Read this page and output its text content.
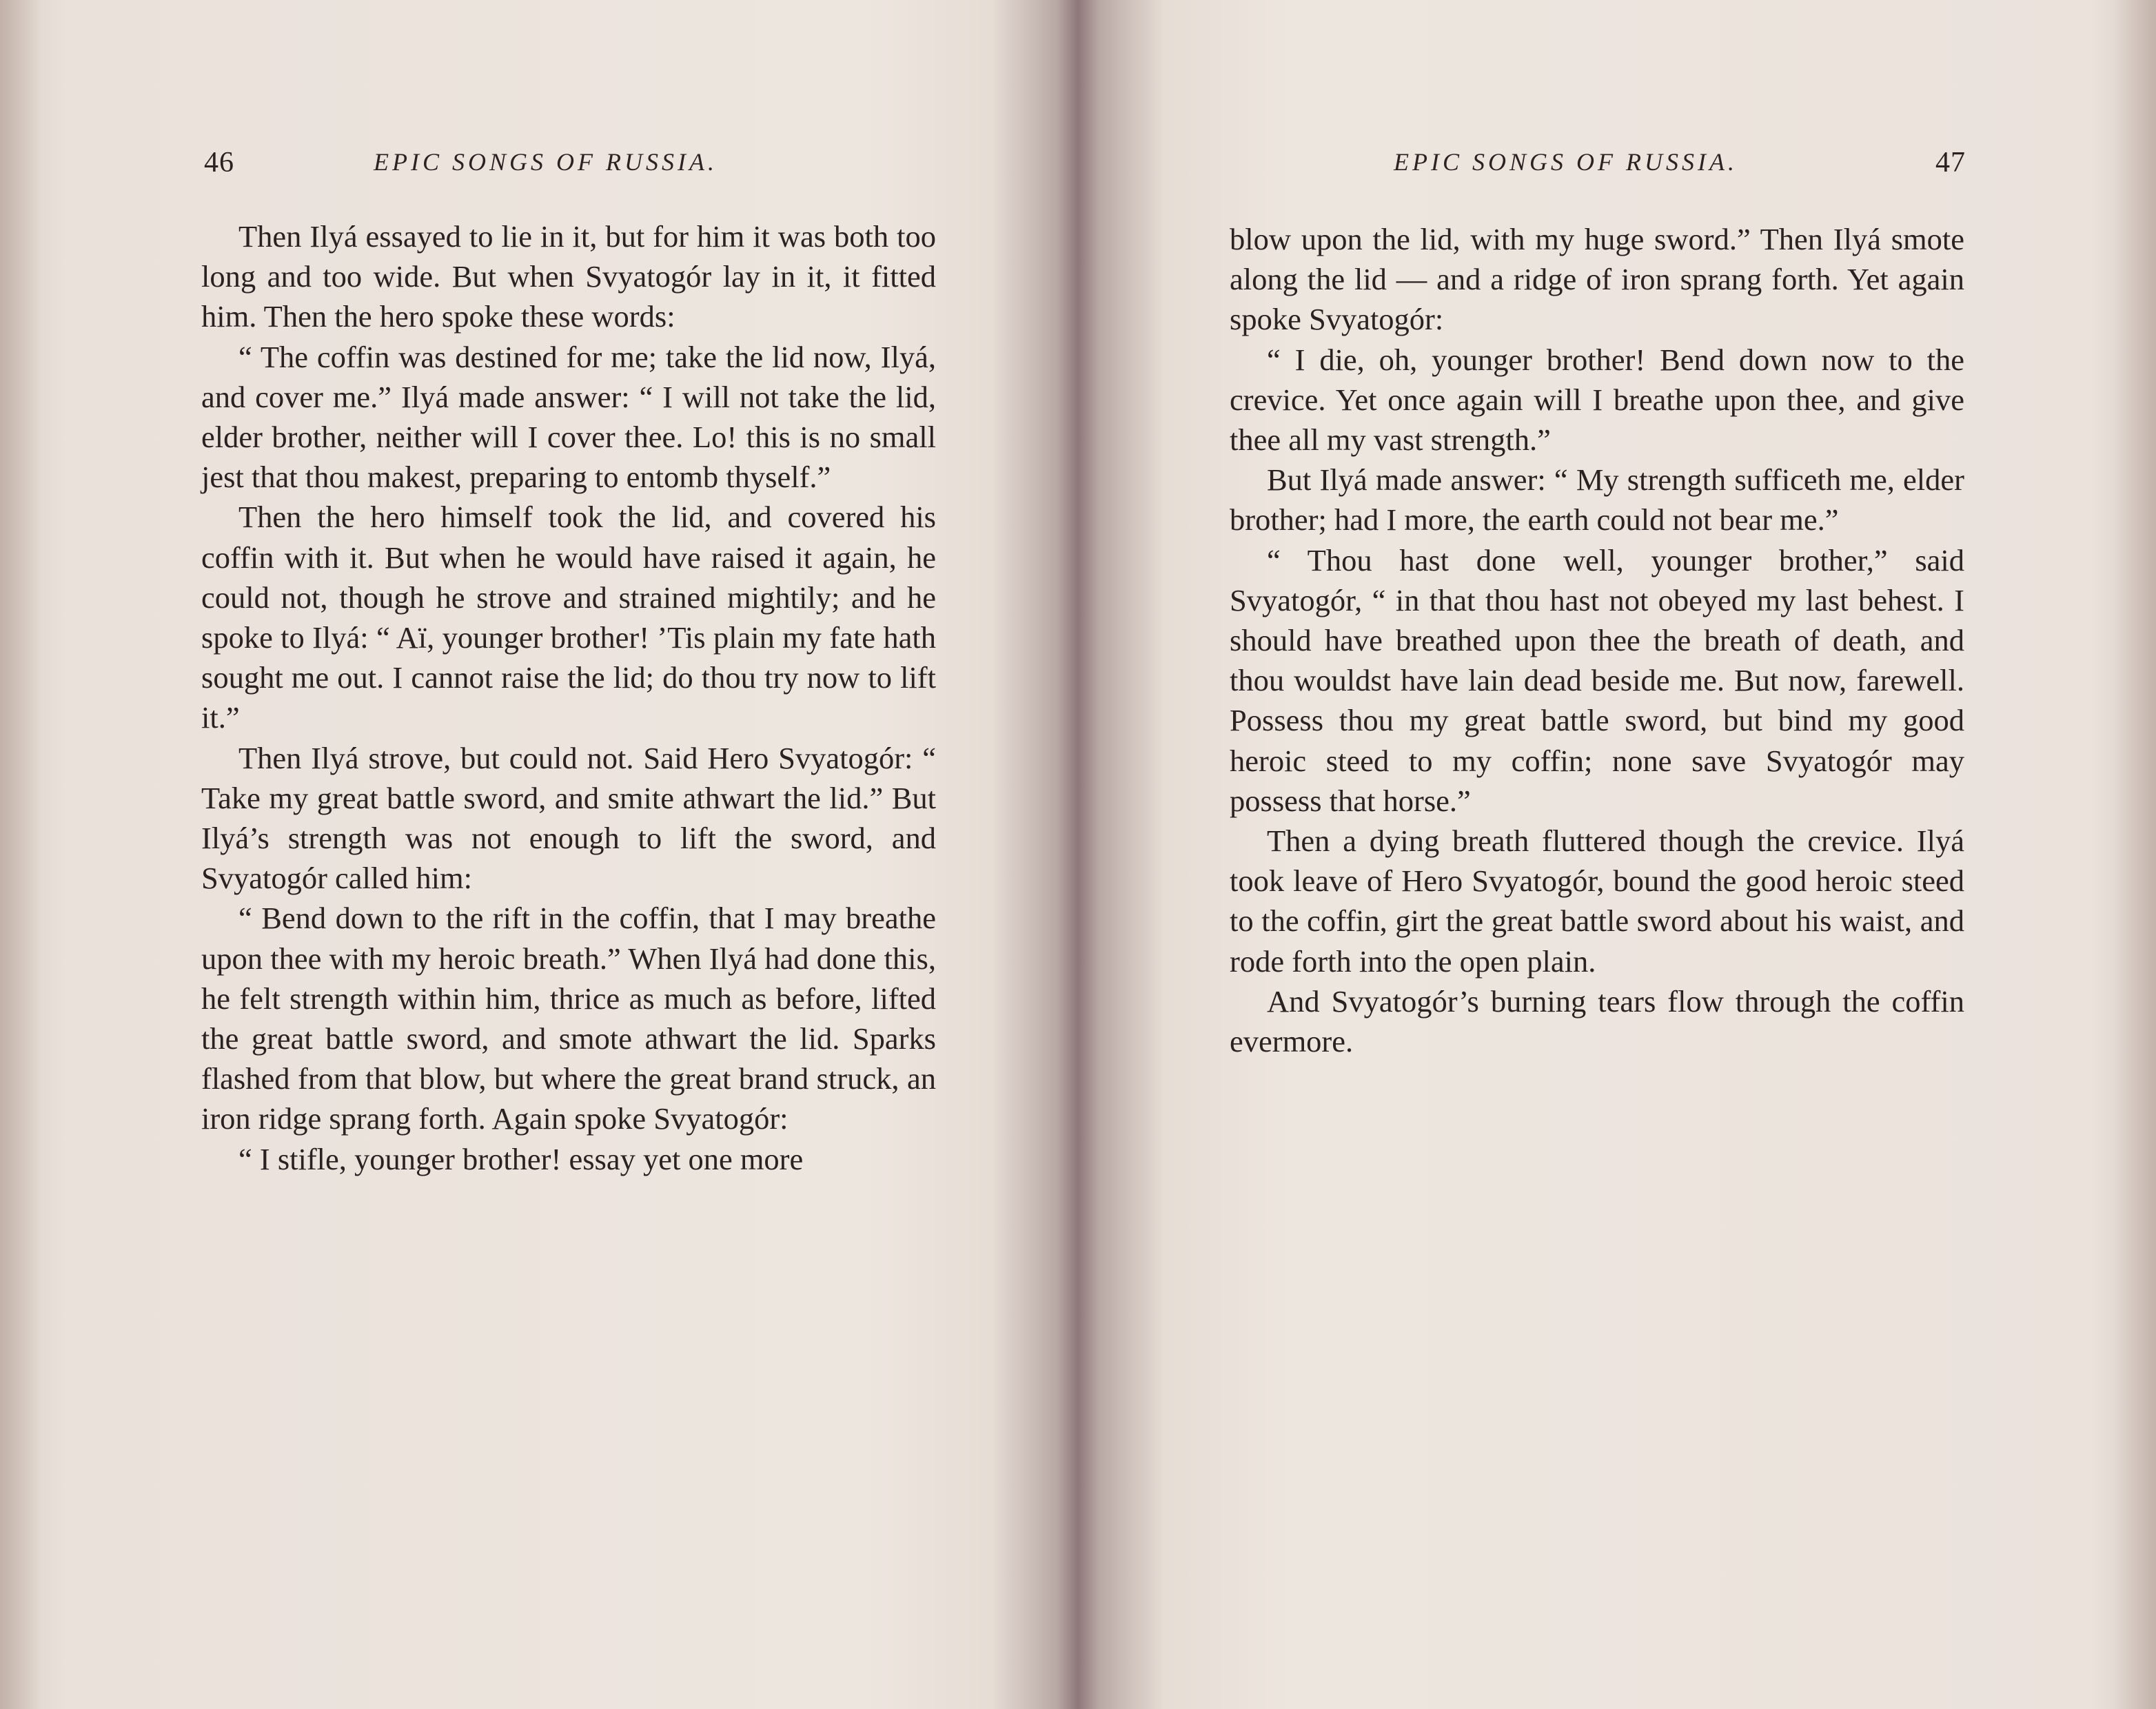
46	EPIC SONGS OF RUSSIA.

Then Ilyá essayed to lie in it, but for him it was both too long and too wide. But when Svyatogór lay in it, it fitted him. Then the hero spoke these words:

“ The coffin was destined for me; take the lid now, Ilyá, and cover me.” Ilyá made answer: “ I will not take the lid, elder brother, neither will I cover thee. Lo! this is no small jest that thou makest, preparing to entomb thyself.”

Then the hero himself took the lid, and covered his coffin with it. But when he would have raised it again, he could not, though he strove and strained mightily; and he spoke to Ilyá: “ Aï, younger brother! ’Tis plain my fate hath sought me out. I cannot raise the lid; do thou try now to lift it.”

Then Ilyá strove, but could not. Said Hero Svyatogór: “ Take my great battle sword, and smite athwart the lid.” But Ilyá’s strength was not enough to lift the sword, and Svyatogór called him:

“ Bend down to the rift in the coffin, that I may breathe upon thee with my heroic breath.” When Ilyá had done this, he felt strength within him, thrice as much as before, lifted the great battle sword, and smote athwart the lid. Sparks flashed from that blow, but where the great brand struck, an iron ridge sprang forth. Again spoke Svyatogór:

“ I stifle, younger brother! essay yet one more

EPIC SONGS OF RUSSIA.	47

blow upon the lid, with my huge sword.” Then Ilyá smote along the lid — and a ridge of iron sprang forth. Yet again spoke Svyatogór:

“ I die, oh, younger brother! Bend down now to the crevice. Yet once again will I breathe upon thee, and give thee all my vast strength.”

But Ilyá made answer: “ My strength sufficeth me, elder brother; had I more, the earth could not bear me.”

“ Thou hast done well, younger brother,” said Svyatogór, “ in that thou hast not obeyed my last behest. I should have breathed upon thee the breath of death, and thou wouldst have lain dead beside me. But now, farewell. Possess thou my great battle sword, but bind my good heroic steed to my coffin; none save Svyatogór may possess that horse.”

Then a dying breath fluttered though the crevice. Ilyá took leave of Hero Svyatogór, bound the good heroic steed to the coffin, girt the great battle sword about his waist, and rode forth into the open plain.

And Svyatogór’s burning tears flow through the coffin evermore.
